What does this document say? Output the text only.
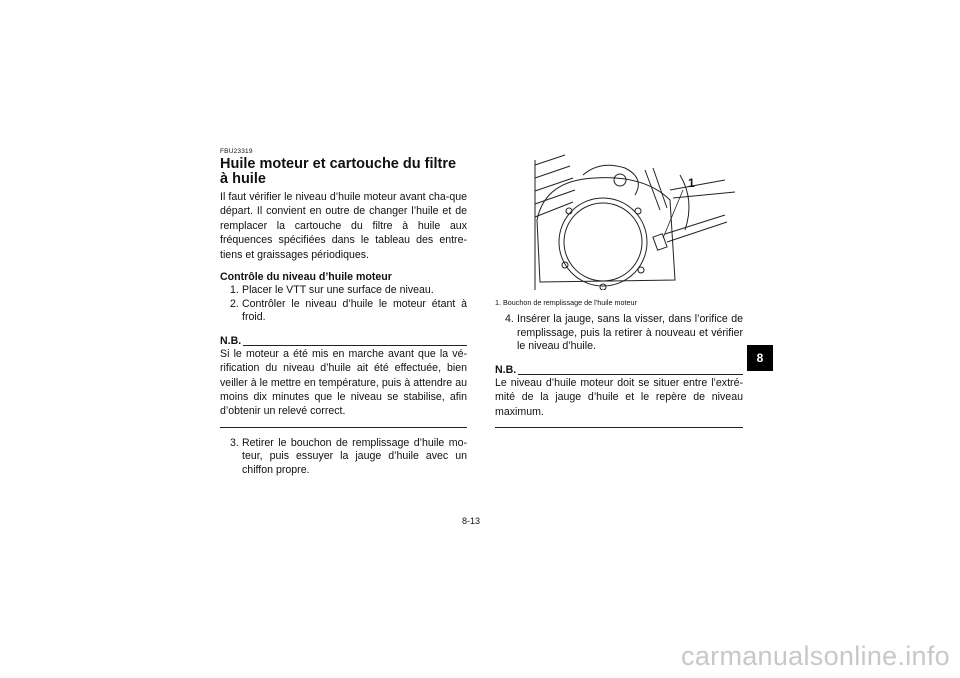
FBU23319
Huile moteur et cartouche du filtre à huile

Il faut vérifier le niveau d’huile moteur avant cha-que départ. Il convient en outre de changer l’huile et de remplacer la cartouche du filtre à huile aux fréquences spécifiées dans le tableau des entre-tiens et graissages périodiques.

Contrôle du niveau d’huile moteur
1. Placer le VTT sur une surface de niveau.
2. Contrôler le niveau d’huile le moteur étant à froid.
N.B.

Si le moteur a été mis en marche avant que la vé-rification du niveau d’huile ait été effectuée, bien veiller à le mettre en température, puis à attendre au moins dix minutes que le niveau se stabilise, afin d’obtenir un relevé correct.

3. Retirer le bouchon de remplissage d’huile mo-teur, puis essuyer la jauge d’huile avec un chiffon propre.
1
1. Bouchon de remplissage de l’huile moteur
4. Insérer la jauge, sans la visser, dans l’orifice de remplissage, puis la retirer à nouveau et vérifier le niveau d’huile.
N.B.

Le niveau d’huile moteur doit se situer entre l’extré-mité de la jauge d’huile et le repère de niveau maximum.

8
8-13
carmanualsonline.info
